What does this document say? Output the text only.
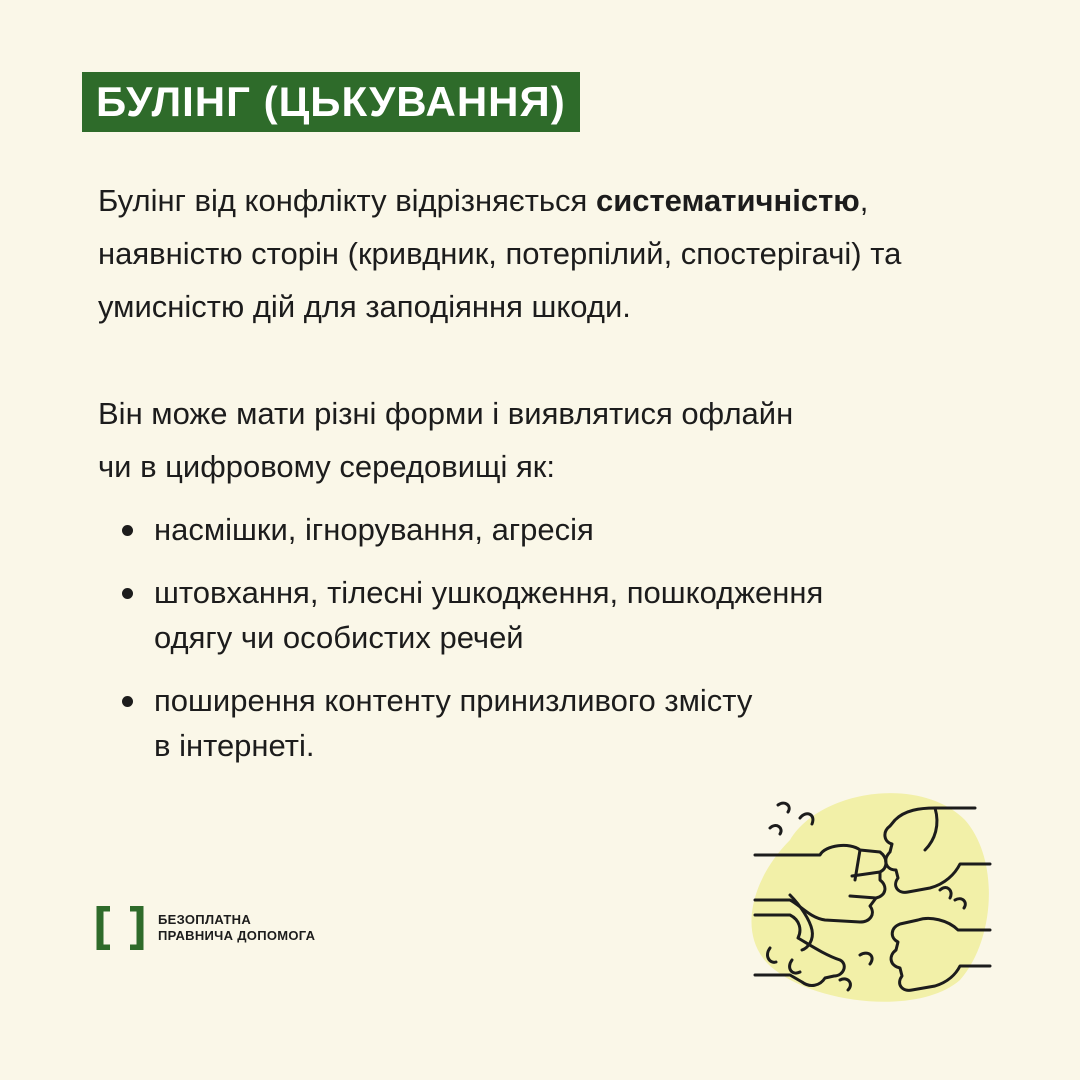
БУЛІНГ (ЦЬКУВАННЯ)
Булінг від конфлікту відрізняється систематичністю, наявністю сторін (кривдник, потерпілий, спостерігачі) та умисністю дій для заподіяння шкоди.
Він може мати різні форми і виявлятися офлайн
чи в цифровому середовищі як:
насмішки, ігнорування, агресія
штовхання, тілесні ушкодження, пошкодження
одягу чи особистих речей
поширення контенту принизливого змісту
в інтернеті.
БЕЗОПЛАТНА
ПРАВНИЧА ДОПОМОГА
